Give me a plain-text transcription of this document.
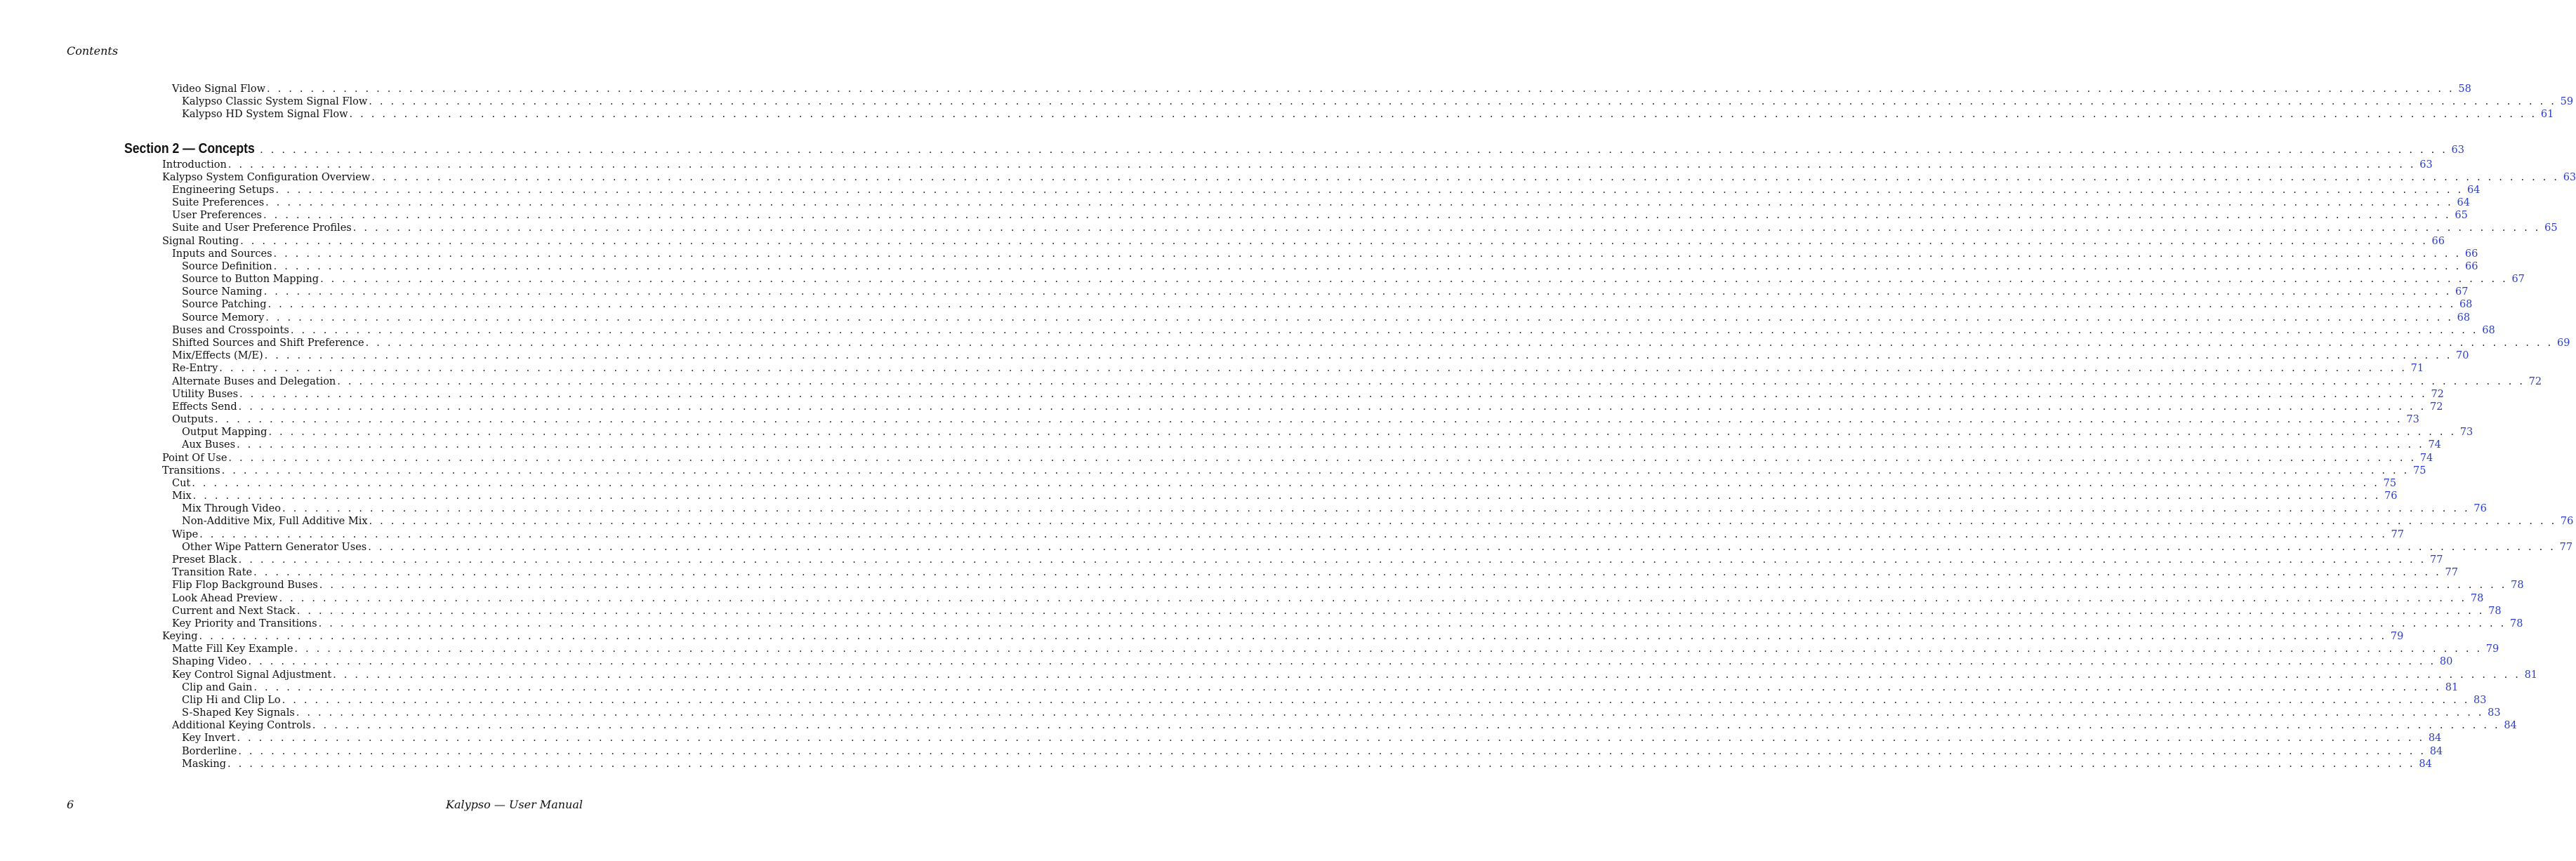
Contents
Video Signal Flow . . . . . . . . . . . . . . . . . . . . . . . . . . . . . . . . . . . . . . . . . . . . . . . . . . . . . . . . . . . . . . . . . . . . . . . . . . . . . . . . . . . . . . . . . . . . . . . . . . . . . . . . . . . . . . . . . . . . . . . . . . . . . . . . . . . . . . . . . . . . . . . . . . . . . . . . . . . . . . . . . . . . . . . . . . . . . . . . . . . . . . . . . . . . . . . . . . . . . . . . 58
Kalypso Classic System Signal Flow . . . . . . . . . . . . . . . . . . . . . . . . . . . . . . . . . . . . . . . . . . . . . . . . . . . . . . . . . . . . . . . . . . . . . . . . . . . . . . . . . . . . . . . . . . . . . . . . . . . . . . . . . . . . . . . . . . . . . . . . . . . . . . . . . . . . . . . . . . . . . . . . . . . . . . . . . . . . . . . . . . . . . . . . . . . . . . . . . . . . . . . . . . . . . . . . . . . . . . . . 59
Kalypso HD System Signal Flow . . . . . . . . . . . . . . . . . . . . . . . . . . . . . . . . . . . . . . . . . . . . . . . . . . . . . . . . . . . . . . . . . . . . . . . . . . . . . . . . . . . . . . . . . . . . . . . . . . . . . . . . . . . . . . . . . . . . . . . . . . . . . . . . . . . . . . . . . . . . . . . . . . . . . . . . . . . . . . . . . . . . . . . . . . . . . . . . . . . . . . . . . . . . . . . . . . . . . . . . 61
Section 2 — Concepts . . . . . . . . . . . . . . . . . . . . . . . . . . . . . . . . . . . . . . . . . . . . . . . . . . . . . . . . . . . . . . . . . . . . . . . . . . . . . . . . . . . . . . . . . . . . . . . . . . . . . . . . . . . . . . . . . . . . . . . . . . . . . . . . . . . . . . . . . . . . . . . . . . . . . . . . . . . . . . . . . . . . . . . . . . . . . . . . . . . . . . . . . . . . . . . . . . . . . . . . 63
Introduction . . . . . . . . . . . . . . . . . . . . . . . . . . . . . . . . . . . . . . . . . . . . . . . . . . . . . . . . . . . . . . . . . . . . . . . . . . . . . . . . . . . . . . . . . . . . . . . . . . . . . . . . . . . . . . . . . . . . . . . . . . . . . . . . . . . . . . . . . . . . . . . . . . . . . . . . . . . . . . . . . . . . . . . . . . . . . . . . . . . . . . . . . . . . . . . . . . . . . . . . 63
Kalypso System Configuration Overview . . . . . . . . . . . . . . . . . . . . . . . . . . . . . . . . . . . . . . . . . . . . . . . . . . . . . . . . . . . . . . . . . . . . . . . . . . . . . . . . . . . . . . . . . . . . . . . . . . . . . . . . . . . . . . . . . . . . . . . . . . . . . . . . . . . . . . . . . . . . . . . . . . . . . . . . . . . . . . . . . . . . . . . . . . . . . . . . . . . . . . . . . . . . . . . . . . . . . . . . 63
Engineering Setups . . . . . . . . . . . . . . . . . . . . . . . . . . . . . . . . . . . . . . . . . . . . . . . . . . . . . . . . . . . . . . . . . . . . . . . . . . . . . . . . . . . . . . . . . . . . . . . . . . . . . . . . . . . . . . . . . . . . . . . . . . . . . . . . . . . . . . . . . . . . . . . . . . . . . . . . . . . . . . . . . . . . . . . . . . . . . . . . . . . . . . . . . . . . . . . . . . . . . . . . 64
Suite Preferences . . . . . . . . . . . . . . . . . . . . . . . . . . . . . . . . . . . . . . . . . . . . . . . . . . . . . . . . . . . . . . . . . . . . . . . . . . . . . . . . . . . . . . . . . . . . . . . . . . . . . . . . . . . . . . . . . . . . . . . . . . . . . . . . . . . . . . . . . . . . . . . . . . . . . . . . . . . . . . . . . . . . . . . . . . . . . . . . . . . . . . . . . . . . . . . . . . . . . . . . 64
User Preferences . . . . . . . . . . . . . . . . . . . . . . . . . . . . . . . . . . . . . . . . . . . . . . . . . . . . . . . . . . . . . . . . . . . . . . . . . . . . . . . . . . . . . . . . . . . . . . . . . . . . . . . . . . . . . . . . . . . . . . . . . . . . . . . . . . . . . . . . . . . . . . . . . . . . . . . . . . . . . . . . . . . . . . . . . . . . . . . . . . . . . . . . . . . . . . . . . . . . . . . . 65
Suite and User Preference Profiles . . . . . . . . . . . . . . . . . . . . . . . . . . . . . . . . . . . . . . . . . . . . . . . . . . . . . . . . . . . . . . . . . . . . . . . . . . . . . . . . . . . . . . . . . . . . . . . . . . . . . . . . . . . . . . . . . . . . . . . . . . . . . . . . . . . . . . . . . . . . . . . . . . . . . . . . . . . . . . . . . . . . . . . . . . . . . . . . . . . . . . . . . . . . . . . . . . . . . . . . 65
Signal Routing . . . . . . . . . . . . . . . . . . . . . . . . . . . . . . . . . . . . . . . . . . . . . . . . . . . . . . . . . . . . . . . . . . . . . . . . . . . . . . . . . . . . . . . . . . . . . . . . . . . . . . . . . . . . . . . . . . . . . . . . . . . . . . . . . . . . . . . . . . . . . . . . . . . . . . . . . . . . . . . . . . . . . . . . . . . . . . . . . . . . . . . . . . . . . . . . . . . . . . . . 66
Inputs and Sources . . . . . . . . . . . . . . . . . . . . . . . . . . . . . . . . . . . . . . . . . . . . . . . . . . . . . . . . . . . . . . . . . . . . . . . . . . . . . . . . . . . . . . . . . . . . . . . . . . . . . . . . . . . . . . . . . . . . . . . . . . . . . . . . . . . . . . . . . . . . . . . . . . . . . . . . . . . . . . . . . . . . . . . . . . . . . . . . . . . . . . . . . . . . . . . . . . . . . . . . 66
Source Definition . . . . . . . . . . . . . . . . . . . . . . . . . . . . . . . . . . . . . . . . . . . . . . . . . . . . . . . . . . . . . . . . . . . . . . . . . . . . . . . . . . . . . . . . . . . . . . . . . . . . . . . . . . . . . . . . . . . . . . . . . . . . . . . . . . . . . . . . . . . . . . . . . . . . . . . . . . . . . . . . . . . . . . . . . . . . . . . . . . . . . . . . . . . . . . . . . . . . . . . . 66
Source to Button Mapping . . . . . . . . . . . . . . . . . . . . . . . . . . . . . . . . . . . . . . . . . . . . . . . . . . . . . . . . . . . . . . . . . . . . . . . . . . . . . . . . . . . . . . . . . . . . . . . . . . . . . . . . . . . . . . . . . . . . . . . . . . . . . . . . . . . . . . . . . . . . . . . . . . . . . . . . . . . . . . . . . . . . . . . . . . . . . . . . . . . . . . . . . . . . . . . . . . . . . . . . 67
Source Naming . . . . . . . . . . . . . . . . . . . . . . . . . . . . . . . . . . . . . . . . . . . . . . . . . . . . . . . . . . . . . . . . . . . . . . . . . . . . . . . . . . . . . . . . . . . . . . . . . . . . . . . . . . . . . . . . . . . . . . . . . . . . . . . . . . . . . . . . . . . . . . . . . . . . . . . . . . . . . . . . . . . . . . . . . . . . . . . . . . . . . . . . . . . . . . . . . . . . . . . . 67
Source Patching . . . . . . . . . . . . . . . . . . . . . . . . . . . . . . . . . . . . . . . . . . . . . . . . . . . . . . . . . . . . . . . . . . . . . . . . . . . . . . . . . . . . . . . . . . . . . . . . . . . . . . . . . . . . . . . . . . . . . . . . . . . . . . . . . . . . . . . . . . . . . . . . . . . . . . . . . . . . . . . . . . . . . . . . . . . . . . . . . . . . . . . . . . . . . . . . . . . . . . . . 68
Source Memory . . . . . . . . . . . . . . . . . . . . . . . . . . . . . . . . . . . . . . . . . . . . . . . . . . . . . . . . . . . . . . . . . . . . . . . . . . . . . . . . . . . . . . . . . . . . . . . . . . . . . . . . . . . . . . . . . . . . . . . . . . . . . . . . . . . . . . . . . . . . . . . . . . . . . . . . . . . . . . . . . . . . . . . . . . . . . . . . . . . . . . . . . . . . . . . . . . . . . . . . 68
Buses and Crosspoints . . . . . . . . . . . . . . . . . . . . . . . . . . . . . . . . . . . . . . . . . . . . . . . . . . . . . . . . . . . . . . . . . . . . . . . . . . . . . . . . . . . . . . . . . . . . . . . . . . . . . . . . . . . . . . . . . . . . . . . . . . . . . . . . . . . . . . . . . . . . . . . . . . . . . . . . . . . . . . . . . . . . . . . . . . . . . . . . . . . . . . . . . . . . . . . . . . . . . . . . 68
Shifted Sources and Shift Preference . . . . . . . . . . . . . . . . . . . . . . . . . . . . . . . . . . . . . . . . . . . . . . . . . . . . . . . . . . . . . . . . . . . . . . . . . . . . . . . . . . . . . . . . . . . . . . . . . . . . . . . . . . . . . . . . . . . . . . . . . . . . . . . . . . . . . . . . . . . . . . . . . . . . . . . . . . . . . . . . . . . . . . . . . . . . . . . . . . . . . . . . . . . . . . . . . . . . . . . . 69
Mix/Effects (M/E) . . . . . . . . . . . . . . . . . . . . . . . . . . . . . . . . . . . . . . . . . . . . . . . . . . . . . . . . . . . . . . . . . . . . . . . . . . . . . . . . . . . . . . . . . . . . . . . . . . . . . . . . . . . . . . . . . . . . . . . . . . . . . . . . . . . . . . . . . . . . . . . . . . . . . . . . . . . . . . . . . . . . . . . . . . . . . . . . . . . . . . . . . . . . . . . . . . . . . . . . 70
Re-Entry . . . . . . . . . . . . . . . . . . . . . . . . . . . . . . . . . . . . . . . . . . . . . . . . . . . . . . . . . . . . . . . . . . . . . . . . . . . . . . . . . . . . . . . . . . . . . . . . . . . . . . . . . . . . . . . . . . . . . . . . . . . . . . . . . . . . . . . . . . . . . . . . . . . . . . . . . . . . . . . . . . . . . . . . . . . . . . . . . . . . . . . . . . . . . . . . . . . . . . . . 71
Alternate Buses and Delegation . . . . . . . . . . . . . . . . . . . . . . . . . . . . . . . . . . . . . . . . . . . . . . . . . . . . . . . . . . . . . . . . . . . . . . . . . . . . . . . . . . . . . . . . . . . . . . . . . . . . . . . . . . . . . . . . . . . . . . . . . . . . . . . . . . . . . . . . . . . . . . . . . . . . . . . . . . . . . . . . . . . . . . . . . . . . . . . . . . . . . . . . . . . . . . . . . . . . . . . . 72
Utility Buses . . . . . . . . . . . . . . . . . . . . . . . . . . . . . . . . . . . . . . . . . . . . . . . . . . . . . . . . . . . . . . . . . . . . . . . . . . . . . . . . . . . . . . . . . . . . . . . . . . . . . . . . . . . . . . . . . . . . . . . . . . . . . . . . . . . . . . . . . . . . . . . . . . . . . . . . . . . . . . . . . . . . . . . . . . . . . . . . . . . . . . . . . . . . . . . . . . . . . . . . 72
Effects Send . . . . . . . . . . . . . . . . . . . . . . . . . . . . . . . . . . . . . . . . . . . . . . . . . . . . . . . . . . . . . . . . . . . . . . . . . . . . . . . . . . . . . . . . . . . . . . . . . . . . . . . . . . . . . . . . . . . . . . . . . . . . . . . . . . . . . . . . . . . . . . . . . . . . . . . . . . . . . . . . . . . . . . . . . . . . . . . . . . . . . . . . . . . . . . . . . . . . . . . . 72
Outputs . . . . . . . . . . . . . . . . . . . . . . . . . . . . . . . . . . . . . . . . . . . . . . . . . . . . . . . . . . . . . . . . . . . . . . . . . . . . . . . . . . . . . . . . . . . . . . . . . . . . . . . . . . . . . . . . . . . . . . . . . . . . . . . . . . . . . . . . . . . . . . . . . . . . . . . . . . . . . . . . . . . . . . . . . . . . . . . . . . . . . . . . . . . . . . . . . . . . . . . . 73
Output Mapping . . . . . . . . . . . . . . . . . . . . . . . . . . . . . . . . . . . . . . . . . . . . . . . . . . . . . . . . . . . . . . . . . . . . . . . . . . . . . . . . . . . . . . . . . . . . . . . . . . . . . . . . . . . . . . . . . . . . . . . . . . . . . . . . . . . . . . . . . . . . . . . . . . . . . . . . . . . . . . . . . . . . . . . . . . . . . . . . . . . . . . . . . . . . . . . . . . . . . . . . 73
Aux Buses . . . . . . . . . . . . . . . . . . . . . . . . . . . . . . . . . . . . . . . . . . . . . . . . . . . . . . . . . . . . . . . . . . . . . . . . . . . . . . . . . . . . . . . . . . . . . . . . . . . . . . . . . . . . . . . . . . . . . . . . . . . . . . . . . . . . . . . . . . . . . . . . . . . . . . . . . . . . . . . . . . . . . . . . . . . . . . . . . . . . . . . . . . . . . . . . . . . . . . . . 74
Point Of Use . . . . . . . . . . . . . . . . . . . . . . . . . . . . . . . . . . . . . . . . . . . . . . . . . . . . . . . . . . . . . . . . . . . . . . . . . . . . . . . . . . . . . . . . . . . . . . . . . . . . . . . . . . . . . . . . . . . . . . . . . . . . . . . . . . . . . . . . . . . . . . . . . . . . . . . . . . . . . . . . . . . . . . . . . . . . . . . . . . . . . . . . . . . . . . . . . . . . . . . . 74
Transitions . . . . . . . . . . . . . . . . . . . . . . . . . . . . . . . . . . . . . . . . . . . . . . . . . . . . . . . . . . . . . . . . . . . . . . . . . . . . . . . . . . . . . . . . . . . . . . . . . . . . . . . . . . . . . . . . . . . . . . . . . . . . . . . . . . . . . . . . . . . . . . . . . . . . . . . . . . . . . . . . . . . . . . . . . . . . . . . . . . . . . . . . . . . . . . . . . . . . . . . . 75
Cut . . . . . . . . . . . . . . . . . . . . . . . . . . . . . . . . . . . . . . . . . . . . . . . . . . . . . . . . . . . . . . . . . . . . . . . . . . . . . . . . . . . . . . . . . . . . . . . . . . . . . . . . . . . . . . . . . . . . . . . . . . . . . . . . . . . . . . . . . . . . . . . . . . . . . . . . . . . . . . . . . . . . . . . . . . . . . . . . . . . . . . . . . . . . . . . . . . . . . . . . 75
Mix . . . . . . . . . . . . . . . . . . . . . . . . . . . . . . . . . . . . . . . . . . . . . . . . . . . . . . . . . . . . . . . . . . . . . . . . . . . . . . . . . . . . . . . . . . . . . . . . . . . . . . . . . . . . . . . . . . . . . . . . . . . . . . . . . . . . . . . . . . . . . . . . . . . . . . . . . . . . . . . . . . . . . . . . . . . . . . . . . . . . . . . . . . . . . . . . . . . . . . . . 76
Mix Through Video . . . . . . . . . . . . . . . . . . . . . . . . . . . . . . . . . . . . . . . . . . . . . . . . . . . . . . . . . . . . . . . . . . . . . . . . . . . . . . . . . . . . . . . . . . . . . . . . . . . . . . . . . . . . . . . . . . . . . . . . . . . . . . . . . . . . . . . . . . . . . . . . . . . . . . . . . . . . . . . . . . . . . . . . . . . . . . . . . . . . . . . . . . . . . . . . . . . . . . . . 76
Non-Additive Mix, Full Additive Mix . . . . . . . . . . . . . . . . . . . . . . . . . . . . . . . . . . . . . . . . . . . . . . . . . . . . . . . . . . . . . . . . . . . . . . . . . . . . . . . . . . . . . . . . . . . . . . . . . . . . . . . . . . . . . . . . . . . . . . . . . . . . . . . . . . . . . . . . . . . . . . . . . . . . . . . . . . . . . . . . . . . . . . . . . . . . . . . . . . . . . . . . . . . . . . . . . . . . . . . . 76
Wipe . . . . . . . . . . . . . . . . . . . . . . . . . . . . . . . . . . . . . . . . . . . . . . . . . . . . . . . . . . . . . . . . . . . . . . . . . . . . . . . . . . . . . . . . . . . . . . . . . . . . . . . . . . . . . . . . . . . . . . . . . . . . . . . . . . . . . . . . . . . . . . . . . . . . . . . . . . . . . . . . . . . . . . . . . . . . . . . . . . . . . . . . . . . . . . . . . . . . . . . . 77
Other Wipe Pattern Generator Uses . . . . . . . . . . . . . . . . . . . . . . . . . . . . . . . . . . . . . . . . . . . . . . . . . . . . . . . . . . . . . . . . . . . . . . . . . . . . . . . . . . . . . . . . . . . . . . . . . . . . . . . . . . . . . . . . . . . . . . . . . . . . . . . . . . . . . . . . . . . . . . . . . . . . . . . . . . . . . . . . . . . . . . . . . . . . . . . . . . . . . . . . . . . . . . . . . . . . . . . . 77
Preset Black . . . . . . . . . . . . . . . . . . . . . . . . . . . . . . . . . . . . . . . . . . . . . . . . . . . . . . . . . . . . . . . . . . . . . . . . . . . . . . . . . . . . . . . . . . . . . . . . . . . . . . . . . . . . . . . . . . . . . . . . . . . . . . . . . . . . . . . . . . . . . . . . . . . . . . . . . . . . . . . . . . . . . . . . . . . . . . . . . . . . . . . . . . . . . . . . . . . . . . . . 77
Transition Rate . . . . . . . . . . . . . . . . . . . . . . . . . . . . . . . . . . . . . . . . . . . . . . . . . . . . . . . . . . . . . . . . . . . . . . . . . . . . . . . . . . . . . . . . . . . . . . . . . . . . . . . . . . . . . . . . . . . . . . . . . . . . . . . . . . . . . . . . . . . . . . . . . . . . . . . . . . . . . . . . . . . . . . . . . . . . . . . . . . . . . . . . . . . . . . . . . . . . . . . . 77
Flip Flop Background Buses . . . . . . . . . . . . . . . . . . . . . . . . . . . . . . . . . . . . . . . . . . . . . . . . . . . . . . . . . . . . . . . . . . . . . . . . . . . . . . . . . . . . . . . . . . . . . . . . . . . . . . . . . . . . . . . . . . . . . . . . . . . . . . . . . . . . . . . . . . . . . . . . . . . . . . . . . . . . . . . . . . . . . . . . . . . . . . . . . . . . . . . . . . . . . . . . . . . . . . . . 78
Look Ahead Preview . . . . . . . . . . . . . . . . . . . . . . . . . . . . . . . . . . . . . . . . . . . . . . . . . . . . . . . . . . . . . . . . . . . . . . . . . . . . . . . . . . . . . . . . . . . . . . . . . . . . . . . . . . . . . . . . . . . . . . . . . . . . . . . . . . . . . . . . . . . . . . . . . . . . . . . . . . . . . . . . . . . . . . . . . . . . . . . . . . . . . . . . . . . . . . . . . . . . . . . . 78
Current and Next Stack . . . . . . . . . . . . . . . . . . . . . . . . . . . . . . . . . . . . . . . . . . . . . . . . . . . . . . . . . . . . . . . . . . . . . . . . . . . . . . . . . . . . . . . . . . . . . . . . . . . . . . . . . . . . . . . . . . . . . . . . . . . . . . . . . . . . . . . . . . . . . . . . . . . . . . . . . . . . . . . . . . . . . . . . . . . . . . . . . . . . . . . . . . . . . . . . . . . . . . . . 78
Key Priority and Transitions . . . . . . . . . . . . . . . . . . . . . . . . . . . . . . . . . . . . . . . . . . . . . . . . . . . . . . . . . . . . . . . . . . . . . . . . . . . . . . . . . . . . . . . . . . . . . . . . . . . . . . . . . . . . . . . . . . . . . . . . . . . . . . . . . . . . . . . . . . . . . . . . . . . . . . . . . . . . . . . . . . . . . . . . . . . . . . . . . . . . . . . . . . . . . . . . . . . . . . . . 78
Keying . . . . . . . . . . . . . . . . . . . . . . . . . . . . . . . . . . . . . . . . . . . . . . . . . . . . . . . . . . . . . . . . . . . . . . . . . . . . . . . . . . . . . . . . . . . . . . . . . . . . . . . . . . . . . . . . . . . . . . . . . . . . . . . . . . . . . . . . . . . . . . . . . . . . . . . . . . . . . . . . . . . . . . . . . . . . . . . . . . . . . . . . . . . . . . . . . . . . . . . . 79
Matte Fill Key Example . . . . . . . . . . . . . . . . . . . . . . . . . . . . . . . . . . . . . . . . . . . . . . . . . . . . . . . . . . . . . . . . . . . . . . . . . . . . . . . . . . . . . . . . . . . . . . . . . . . . . . . . . . . . . . . . . . . . . . . . . . . . . . . . . . . . . . . . . . . . . . . . . . . . . . . . . . . . . . . . . . . . . . . . . . . . . . . . . . . . . . . . . . . . . . . . . . . . . . . . 79
Shaping Video . . . . . . . . . . . . . . . . . . . . . . . . . . . . . . . . . . . . . . . . . . . . . . . . . . . . . . . . . . . . . . . . . . . . . . . . . . . . . . . . . . . . . . . . . . . . . . . . . . . . . . . . . . . . . . . . . . . . . . . . . . . . . . . . . . . . . . . . . . . . . . . . . . . . . . . . . . . . . . . . . . . . . . . . . . . . . . . . . . . . . . . . . . . . . . . . . . . . . . . . 80
Key Control Signal Adjustment . . . . . . . . . . . . . . . . . . . . . . . . . . . . . . . . . . . . . . . . . . . . . . . . . . . . . . . . . . . . . . . . . . . . . . . . . . . . . . . . . . . . . . . . . . . . . . . . . . . . . . . . . . . . . . . . . . . . . . . . . . . . . . . . . . . . . . . . . . . . . . . . . . . . . . . . . . . . . . . . . . . . . . . . . . . . . . . . . . . . . . . . . . . . . . . . . . . . . . . . 81
Clip and Gain . . . . . . . . . . . . . . . . . . . . . . . . . . . . . . . . . . . . . . . . . . . . . . . . . . . . . . . . . . . . . . . . . . . . . . . . . . . . . . . . . . . . . . . . . . . . . . . . . . . . . . . . . . . . . . . . . . . . . . . . . . . . . . . . . . . . . . . . . . . . . . . . . . . . . . . . . . . . . . . . . . . . . . . . . . . . . . . . . . . . . . . . . . . . . . . . . . . . . . . . 81
Clip Hi and Clip Lo . . . . . . . . . . . . . . . . . . . . . . . . . . . . . . . . . . . . . . . . . . . . . . . . . . . . . . . . . . . . . . . . . . . . . . . . . . . . . . . . . . . . . . . . . . . . . . . . . . . . . . . . . . . . . . . . . . . . . . . . . . . . . . . . . . . . . . . . . . . . . . . . . . . . . . . . . . . . . . . . . . . . . . . . . . . . . . . . . . . . . . . . . . . . . . . . . . . . . . . . 83
S-Shaped Key Signals . . . . . . . . . . . . . . . . . . . . . . . . . . . . . . . . . . . . . . . . . . . . . . . . . . . . . . . . . . . . . . . . . . . . . . . . . . . . . . . . . . . . . . . . . . . . . . . . . . . . . . . . . . . . . . . . . . . . . . . . . . . . . . . . . . . . . . . . . . . . . . . . . . . . . . . . . . . . . . . . . . . . . . . . . . . . . . . . . . . . . . . . . . . . . . . . . . . . . . . . 83
Additional Keying Controls . . . . . . . . . . . . . . . . . . . . . . . . . . . . . . . . . . . . . . . . . . . . . . . . . . . . . . . . . . . . . . . . . . . . . . . . . . . . . . . . . . . . . . . . . . . . . . . . . . . . . . . . . . . . . . . . . . . . . . . . . . . . . . . . . . . . . . . . . . . . . . . . . . . . . . . . . . . . . . . . . . . . . . . . . . . . . . . . . . . . . . . . . . . . . . . . . . . . . . . . 84
Key Invert . . . . . . . . . . . . . . . . . . . . . . . . . . . . . . . . . . . . . . . . . . . . . . . . . . . . . . . . . . . . . . . . . . . . . . . . . . . . . . . . . . . . . . . . . . . . . . . . . . . . . . . . . . . . . . . . . . . . . . . . . . . . . . . . . . . . . . . . . . . . . . . . . . . . . . . . . . . . . . . . . . . . . . . . . . . . . . . . . . . . . . . . . . . . . . . . . . . . . . . . 84
Borderline . . . . . . . . . . . . . . . . . . . . . . . . . . . . . . . . . . . . . . . . . . . . . . . . . . . . . . . . . . . . . . . . . . . . . . . . . . . . . . . . . . . . . . . . . . . . . . . . . . . . . . . . . . . . . . . . . . . . . . . . . . . . . . . . . . . . . . . . . . . . . . . . . . . . . . . . . . . . . . . . . . . . . . . . . . . . . . . . . . . . . . . . . . . . . . . . . . . . . . . . 84
Masking . . . . . . . . . . . . . . . . . . . . . . . . . . . . . . . . . . . . . . . . . . . . . . . . . . . . . . . . . . . . . . . . . . . . . . . . . . . . . . . . . . . . . . . . . . . . . . . . . . . . . . . . . . . . . . . . . . . . . . . . . . . . . . . . . . . . . . . . . . . . . . . . . . . . . . . . . . . . . . . . . . . . . . . . . . . . . . . . . . . . . . . . . . . . . . . . . . . . . . . . 84
6	Kalypso — User Manual
